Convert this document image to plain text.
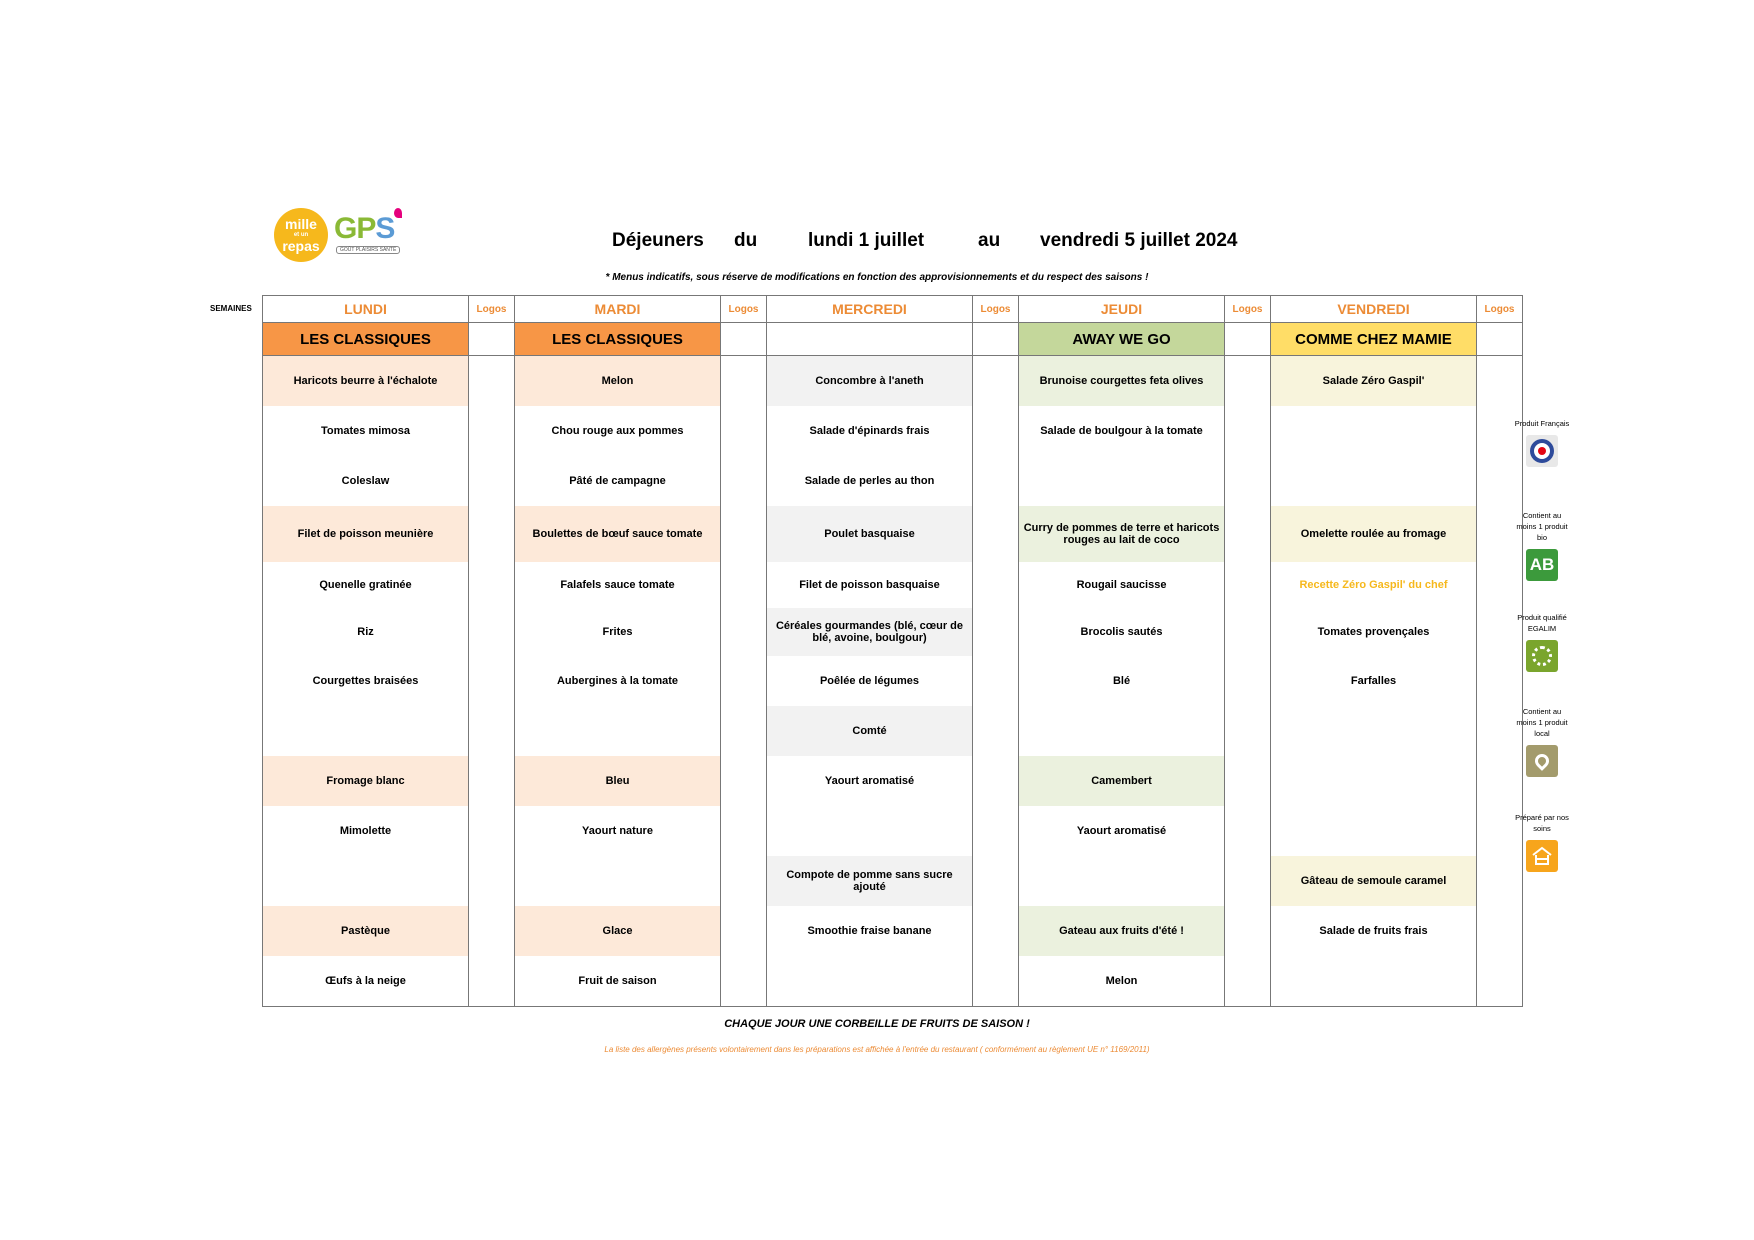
mille
et un
repas
GPS
GOÛT PLAISIRS SANTÉ	Déjeuners du	lundi 1 juillet	au vendredi 5 juillet 2024
* Menus indicatifs, sous réserve de modifications en fonction des approvisionnements et du respect des saisons !
SEMAINES	LUNDI	Logos	MARDI	Logos	MERCREDI	Logos	JEUDI	Logos	VENDREDI	Logos
LES CLASSIQUES		LES CLASSIQUES				AWAY WE GO		COMME CHEZ MAMIE	
Haricots beurre à l'échalote		Melon		Concombre à l'aneth		Brunoise courgettes feta olives		Salade Zéro Gaspil'	
Tomates mimosa		Chou rouge aux pommes		Salade d'épinards frais		Salade de boulgour à la tomate			
Coleslaw		Pâté de campagne		Salade de perles au thon					
Filet de poisson meunière		Boulettes de bœuf sauce tomate		Poulet basquaise		Curry de pommes de terre et haricots rouges au lait de coco		Omelette roulée au fromage	
Quenelle gratinée		Falafels sauce tomate		Filet de poisson basquaise		Rougail saucisse		Recette Zéro Gaspil' du chef	
Riz		Frites		Céréales gourmandes (blé, cœur de blé, avoine, boulgour)		Brocolis sautés		Tomates provençales	
Courgettes braisées		Aubergines à la tomate		Poêlée de légumes		Blé		Farfalles	
				Comté					
Fromage blanc		Bleu		Yaourt aromatisé		Camembert			
Mimolette		Yaourt nature				Yaourt aromatisé			
				Compote de pomme sans sucre ajouté				Gâteau de semoule caramel	
Pastèque		Glace		Smoothie fraise banane		Gateau aux fruits d'été !		Salade de fruits frais	
Œufs à la neige		Fruit de saison				Melon			
CHAQUE JOUR UNE CORBEILLE DE FRUITS DE SAISON !
La liste des allergènes présents volontairement dans les préparations est affichée à l'entrée du restaurant ( conformément au règlement UE n° 1169/2011)
Produit Français
Contient au moins 1 produit bio
AB
Produit qualifié EGALIM
Contient au moins 1 produit local
Préparé par nos soins
